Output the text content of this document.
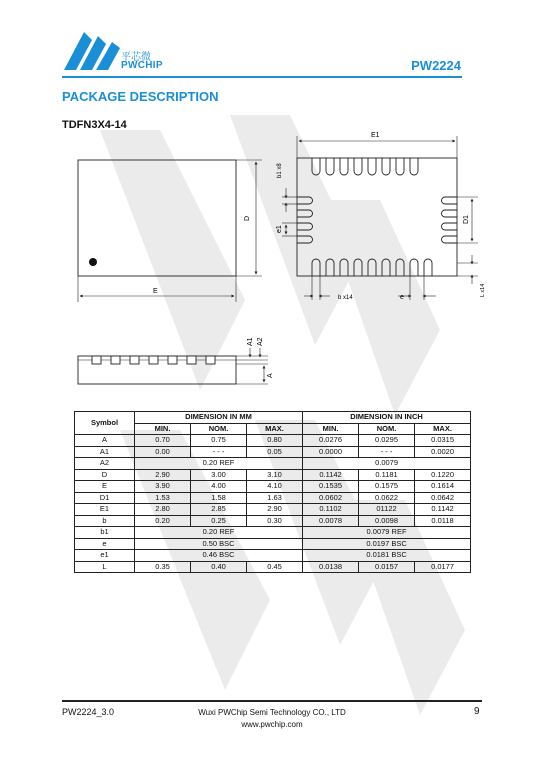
平芯微
PWCHIP	PW2224
PACKAGE DESCRIPTION
TDFN3X4-14
D
E
E1
D1
L x14
b x14	e
b1 x8
e1
A1 A2
A
Symbol	DIMENSION IN MM			DIMENSION IN INCH		
	MIN.	NOM.	MAX.	MIN.	NOM.	MAX.
A	0.70	0.75	0.80	0.0276	0.0295	0.0315
A1	0.00	- - -	0.05	0.0000	- - -	0.0020
A2	0.20 REF			0.0079		
D	2.90	3.00	3.10	0.1142	0.1181	0.1220
E	3.90	4.00	4.10	0.1535	0.1575	0.1614
D1	1.53	1.58	1.63	0.0602	0.0622	0.0642
E1	2.80	2.85	2.90	0.1102	01122	0.1142
b	0.20	0.25	0.30	0.0078	0.0098	0.0118
b1	0.20 REF			0.0079 REF		
e	0.50 BSC			0.0197 BSC		
e1	0.46 BSC			0.0181 BSC		
L	0.35	0.40	0.45	0.0138	0.0157	0.0177
PW2224_3.0	Wuxi PWChip Semi Technology CO., LTD
www.pwchip.com
9
